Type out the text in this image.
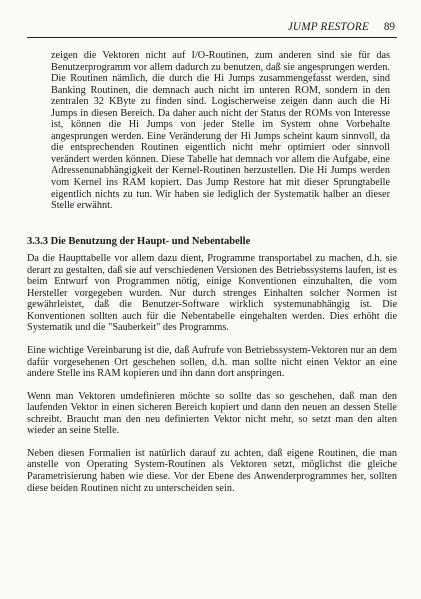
JUMP RESTORE 89

zeigen die Vektoren nicht auf I/O-Routinen, zum anderen sind sie für das Benutzerprogramm vor allem dadurch zu benutzen, daß sie angesprungen werden. Die Routinen nämlich, die durch die Hi Jumps zusammengefasst werden, sind Banking Routinen, die demnach auch nicht im unteren ROM, sondern in den zentralen 32 KByte zu finden sind. Logischerweise zeigen dann auch die Hi Jumps in diesen Bereich. Da daher auch nicht der Status der ROMs von Interesse ist, können die Hi Jumps von jeder Stelle im System ohne Vorbehalte angesprungen werden. Eine Veränderung der Hi Jumps scheint kaum sinnvoll, da die entsprechenden Routinen eigentlich nicht mehr optimiert oder sinnvoll verändert werden können. Diese Tabelle hat demnach vor allem die Aufgabe, eine Adressenunabhängigkeit der Kernel-Routinen herzustellen. Die Hi Jumps werden vom Kernel ins RAM kopiert. Das Jump Restore hat mit dieser Sprungtabelle eigentlich nichts zu tun. Wir haben sie lediglich der Systematik halber an dieser Stelle erwähnt.

3.3.3 Die Benutzung der Haupt- und Nebentabelle

Da die Haupttabelle vor allem dazu dient, Programme transportabel zu machen, d.h. sie derart zu gestalten, daß sie auf verschiedenen Versionen des Betriebssystems laufen, ist es beim Entwurf von Programmen nötig, einige Konventionen einzuhalten, die vom Hersteller vorgegeben wurden. Nur durch strenges Einhalten solcher Normen ist gewährleistet, daß die Benutzer-Software wirklich systemunabhängig ist. Die Konventionen sollten auch für die Nebentabelle eingehalten werden. Dies erhöht die Systematik und die "Sauberkeit" des Programms.

Eine wichtige Vereinbarung ist die, daß Aufrufe von Betriebssystem-Vektoren nur an dem dafür vorgesehenen Ort geschehen sollen, d.h. man sollte nicht einen Vektor an eine andere Stelle ins RAM kopieren und ihn dann dort anspringen.

Wenn man Vektoren umdefinieren möchte so sollte das so geschehen, daß man den laufenden Vektor in einen sicheren Bereich kopiert und dann den neuen an dessen Stelle schreibt. Braucht man den neu definierten Vektor nicht mehr, so setzt man den alten wieder an seine Stelle.

Neben diesen Formalien ist natürlich darauf zu achten, daß eigene Routinen, die man anstelle von Operating System-Routinen als Vektoren setzt, möglichst die gleiche Parametrisierung haben wie diese. Vor der Ebene des Anwenderprogrammes her, sollten diese beiden Routinen nicht zu unterscheiden sein.
